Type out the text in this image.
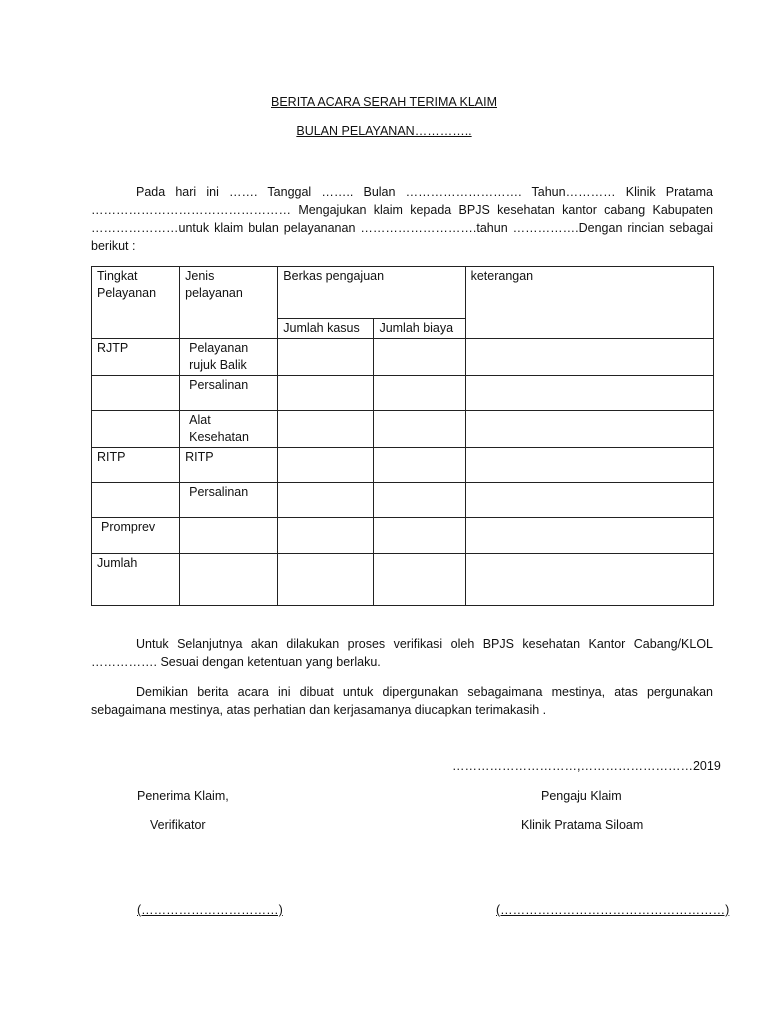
BERITA ACARA SERAH TERIMA KLAIM
BULAN PELAYANAN…………..
Pada hari ini ……. Tanggal …….. Bulan ………………………. Tahun………… Klinik Pratama ………………………………………… Mengajukan klaim kepada BPJS kesehatan kantor cabang Kabupaten …………………untuk klaim bulan pelayananan ……………………….tahun …………….Dengan rincian sebagai berikut :
Tingkat Pelayanan	Jenis pelayanan	Berkas pengajuan		keterangan
		Jumlah kasus	Jumlah biaya	
RJTP	Pelayanan rujuk Balik			
	Persalinan			
	Alat Kesehatan			
RITP	RITP			
	Persalinan			
Promprev				
Jumlah				
Untuk Selanjutnya akan dilakukan proses verifikasi oleh BPJS kesehatan Kantor Cabang/KLOL ……………. Sesuai dengan ketentuan yang berlaku.
Demikian berita acara ini dibuat untuk dipergunakan sebagaimana mestinya, atas pergunakan sebagaimana mestinya, atas perhatian dan kerjasamanya diucapkan terimakasih .
…………………………,………………………2019
Penerima Klaim,
Verifikator
Pengaju Klaim
Klinik Pratama Siloam
(……………………………)	(………………………………………………)
